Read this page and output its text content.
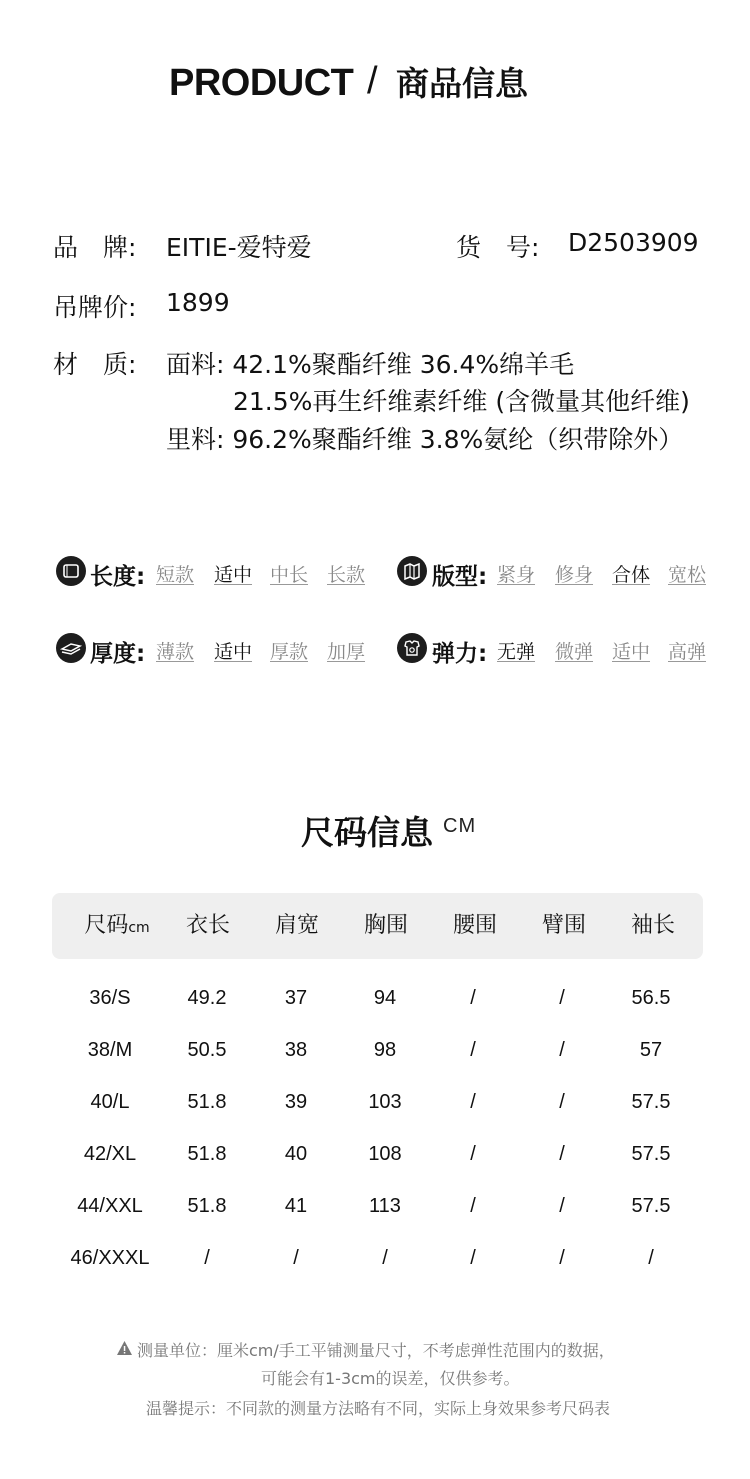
PRODUCT / 商品信息
品　牌: EITIE-爱特爱	货　号: D2503909
吊牌价: 1899
材　质: 面料: 42.1%聚酯纤维 36.4%绵羊毛
21.5%再生纤维素纤维 (含微量其他纤维)
里料: 96.2%聚酯纤维 3.8%氨纶（织带除外）
长度: 短款 适中 中长 长款	版型: 紧身 修身 合体 宽松
厚度: 薄款 适中 厚款 加厚	弹力: 无弹 微弹 适中 高弹
尺码信息 CM
尺码cm	衣长	肩宽	胸围	腰围	臂围	袖长
36/S	49.2	37	94	/	/	56.5
38/M	50.5	38	98	/	/	57
40/L	51.8	39	103	/	/	57.5
42/XL	51.8	40	108	/	/	57.5
44/XXL	51.8	41	113	/	/	57.5
46/XXXL	/	/	/	/	/	/
测量单位：厘米cm/手工平铺测量尺寸，不考虑弹性范围内的数据，
可能会有1-3cm的误差，仅供参考。
温馨提示：不同款的测量方法略有不同，实际上身效果参考尺码表
